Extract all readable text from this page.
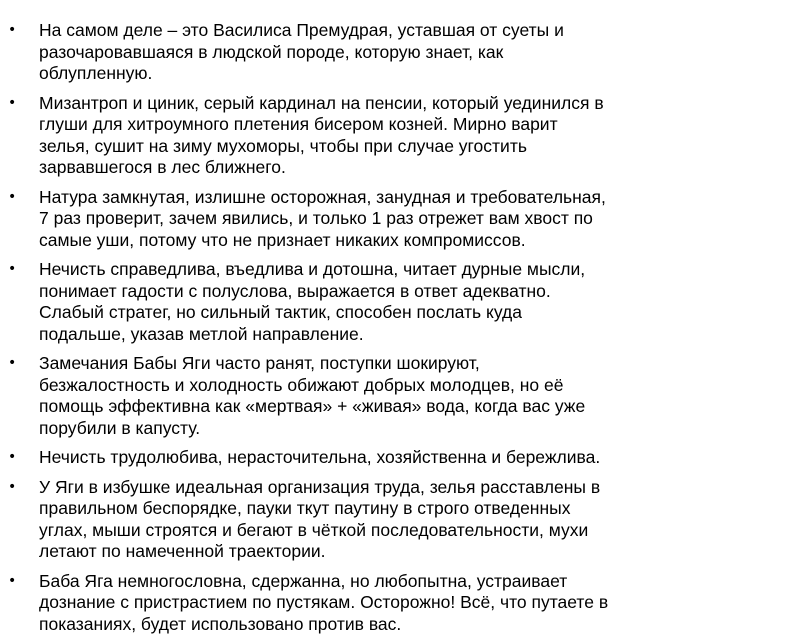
•	На самом деле – это Василиса Премудрая, уставшая от суеты и
разочаровавшаяся в людской породе, которую знает, как
облупленную.
•	Мизантроп и циник, серый кардинал на пенсии, который уединился в
глуши для хитроумного плетения бисером козней. Мирно варит
зелья, сушит на зиму мухоморы, чтобы при случае угостить
зарвавшегося в лес ближнего.
•	Натура замкнутая, излишне осторожная, занудная и требовательная,
7 раз проверит, зачем явились, и только 1 раз отрежет вам хвост по
самые уши, потому что не признает никаких компромиссов.
•	Нечисть справедлива, въедлива и дотошна, читает дурные мысли,
понимает гадости с полуслова, выражается в ответ адекватно.
Слабый стратег, но сильный тактик, способен послать куда
подальше, указав метлой направление.
•	Замечания Бабы Яги часто ранят, поступки шокируют,
безжалостность и холодность обижают добрых молодцев, но её
помощь эффективна как «мертвая» + «живая» вода, когда вас уже
порубили в капусту.
•	Нечисть трудолюбива, нерасточительна, хозяйственна и бережлива.
•	У Яги в избушке идеальная организация труда, зелья расставлены в
правильном беспорядке, пауки ткут паутину в строго отведенных
углах, мыши строятся и бегают в чёткой последовательности, мухи
летают по намеченной траектории.
•	Баба Яга немногословна, сдержанна, но любопытна, устраивает
дознание с пристрастием по пустякам. Осторожно! Всё, что путаете в
показаниях, будет использовано против вас.
